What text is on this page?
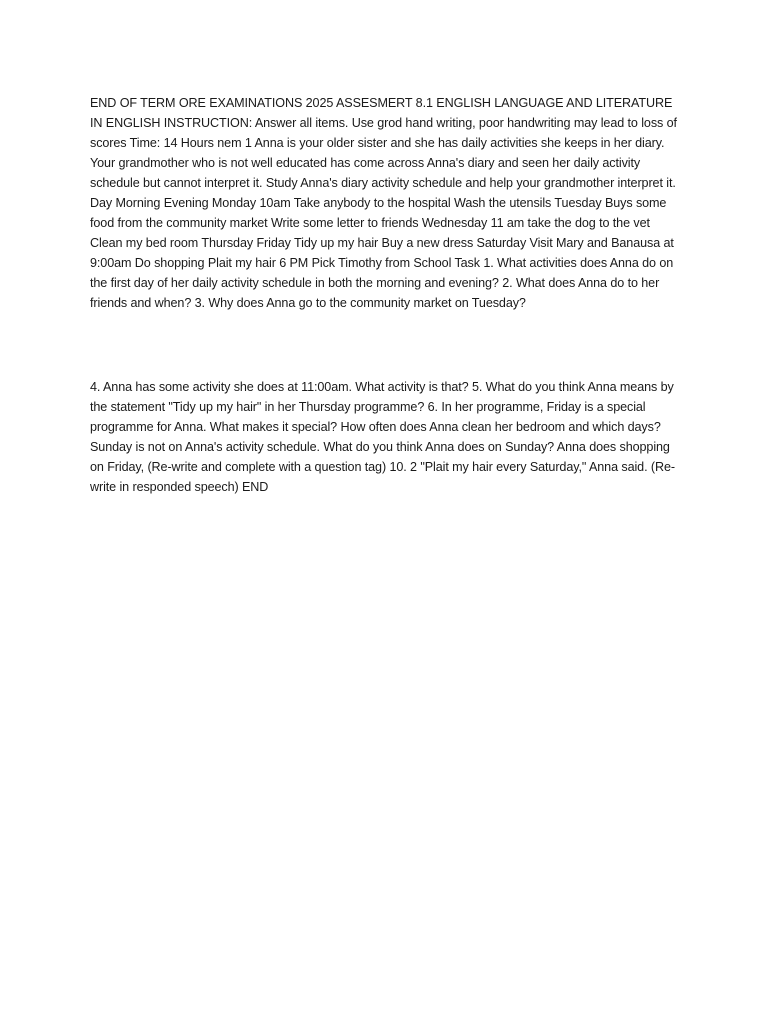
END OF TERM ORE EXAMINATIONS 2025 ASSESMERT 8.1 ENGLISH LANGUAGE AND LITERATURE IN ENGLISH INSTRUCTION: Answer all items. Use grod hand writing, poor handwriting may lead to loss of scores Time: 14 Hours nem 1 Anna is your older sister and she has daily activities she keeps in her diary. Your grandmother who is not well educated has come across Anna's diary and seen her daily activity schedule but cannot interpret it. Study Anna's diary activity schedule and help your grandmother interpret it. Day Morning Evening Monday 10am Take anybody to the hospital Wash the utensils Tuesday Buys some food from the community market Write some letter to friends Wednesday 11 am take the dog to the vet Clean my bed room Thursday Friday Tidy up my hair Buy a new dress Saturday Visit Mary and Banausa at 9:00am Do shopping Plait my hair 6 PM Pick Timothy from School Task 1. What activities does Anna do on the first day of her daily activity schedule in both the morning and evening? 2. What does Anna do to her friends and when? 3. Why does Anna go to the community market on Tuesday?

4. Anna has some activity she does at 11:00am. What activity is that? 5. What do you think Anna means by the statement "Tidy up my hair" in her Thursday programme? 6. In her programme, Friday is a special programme for Anna. What makes it special? How often does Anna clean her bedroom and which days? Sunday is not on Anna's activity schedule. What do you think Anna does on Sunday? Anna does shopping on Friday, (Re-write and complete with a question tag) 10. 2 "Plait my hair every Saturday," Anna said. (Re-write in responded speech) END
